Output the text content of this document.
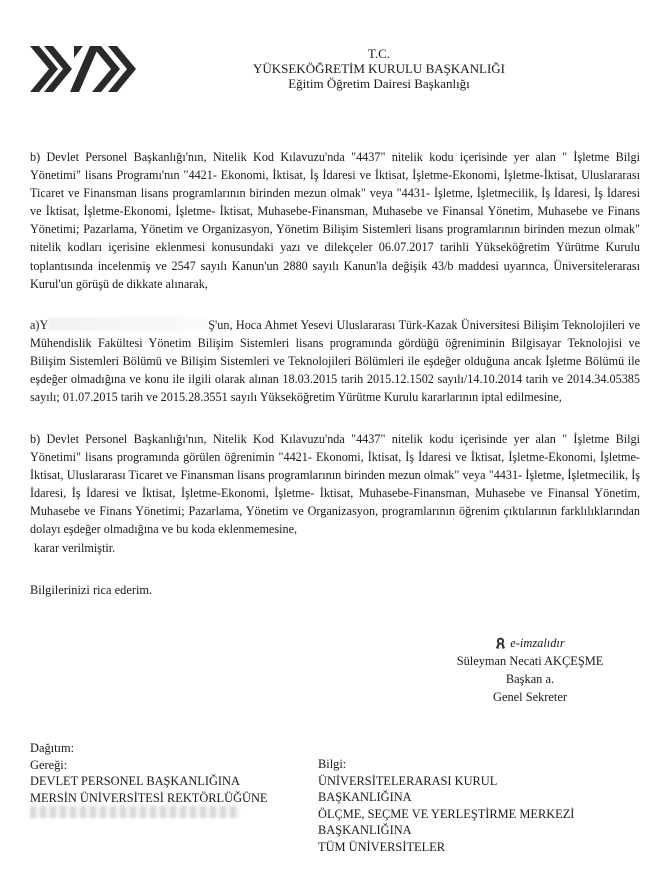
T.C.
YÜKSEKÖĞRETİM KURULU BAŞKANLIĞI
Eğitim Öğretim Dairesi Başkanlığı

b) Devlet Personel Başkanlığı'nın, Nitelik Kod Kılavuzu'nda "4437" nitelik kodu içerisinde yer alan " İşletme Bilgi Yönetimi" lisans Programı'nın "4421- Ekonomi, İktisat, İş İdaresi ve İktisat, İşletme-Ekonomi, İşletme-İktisat, Uluslararası Ticaret ve Finansman lisans programlarının birinden mezun olmak" veya "4431- İşletme, İşletmecilik, İş İdaresi, İş İdaresi ve İktisat, İşletme-Ekonomi, İşletme- İktisat, Muhasebe-Finansman, Muhasebe ve Finansal Yönetim, Muhasebe ve Finans Yönetimi; Pazarlama, Yönetim ve Organizasyon, Yönetim Bilişim Sistemleri lisans programlarının birinden mezun olmak" nitelik kodları içerisine eklenmesi konusundaki yazı ve dilekçeler 06.07.2017 tarihli Yükseköğretim Yürütme Kurulu toplantısında incelenmiş ve 2547 sayılı Kanun'un 2880 sayılı Kanun'la değişik 43/b maddesi uyarınca, Üniversitelerarası Kurul'un görüşü de dikkate alınarak,

a)Y	Ş'un, Hoca Ahmet Yesevi Uluslararası Türk-Kazak Üniversitesi Bilişim Teknolojileri ve Mühendislik Fakültesi Yönetim Bilişim Sistemleri lisans programında gördüğü öğreniminin Bilgisayar Teknolojisi ve Bilişim Sistemleri Bölümü ve Bilişim Sistemleri ve Teknolojileri Bölümleri ile eşdeğer olduğuna ancak İşletme Bölümü ile eşdeğer olmadığına ve konu ile ilgili olarak alınan 18.03.2015 tarih 2015.12.1502 sayılı/14.10.2014 tarih ve 2014.34.05385 sayılı; 01.07.2015 tarih ve 2015.28.3551 sayılı Yükseköğretim Yürütme Kurulu kararlarının iptal edilmesine,

b) Devlet Personel Başkanlığı'nın, Nitelik Kod Kılavuzu'nda "4437" nitelik kodu içerisinde yer alan " İşletme Bilgi Yönetimi" lisans programında görülen öğrenimin "4421- Ekonomi, İktisat, İş İdaresi ve İktisat, İşletme-Ekonomi, İşletme-İktisat, Uluslararası Ticaret ve Finansman lisans programlarının birinden mezun olmak" veya "4431- İşletme, İşletmecilik, İş İdaresi, İş İdaresi ve İktisat, İşletme-Ekonomi, İşletme- İktisat, Muhasebe-Finansman, Muhasebe ve Finansal Yönetim, Muhasebe ve Finans Yönetimi; Pazarlama, Yönetim ve Organizasyon, programlarının öğrenim çıktılarının farklılıklarından dolayı eşdeğer olmadığına ve bu koda eklenmemesine,
karar verilmiştir.
Bilgilerinizi rica ederim.
e-imzalıdır
Süleyman Necati AKÇEŞME
Başkan a.
Genel Sekreter
Dağıtım:
Gereği:
DEVLET PERSONEL BAŞKANLIĞINA
MERSİN ÜNİVERSİTESİ REKTÖRLÜĞÜNE
Bilgi:
ÜNİVERSİTELERARASI KURUL
BAŞKANLIĞINA
ÖLÇME, SEÇME VE YERLEŞTİRME MERKEZİ
BAŞKANLIĞINA
TÜM ÜNİVERSİTELER
